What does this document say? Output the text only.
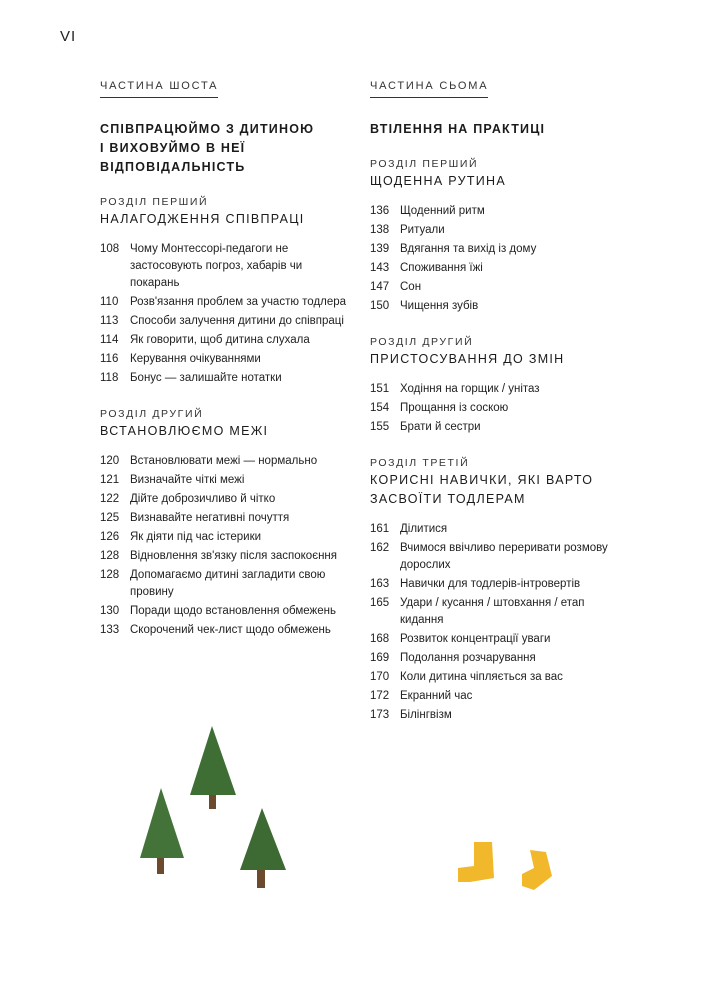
VI
ЧАСТИНА ШОСТА
СПІВПРАЦЮЙМО З ДИТИНОЮ
І ВИХОВУЙМО В НЕЇ
ВІДПОВІДАЛЬНІСТЬ
РОЗДІЛ ПЕРШИЙ
НАЛАГОДЖЕННЯ СПІВПРАЦІ
108 Чому Монтессорі-педагоги не застосовують погроз, хабарів чи покарань
110	Розв'язання проблем за участю тодлера
113	Способи залучення дитини до співпраці
114	Як говорити, щоб дитина слухала
116	Керування очікуваннями
118	Бонус — залишайте нотатки
РОЗДІЛ ДРУГИЙ
ВСТАНОВЛЮЄМО МЕЖІ
120 Встановлювати межі — нормально
121 Визначайте чіткі межі
122 Дійте доброзичливо й чітко
125 Визнавайте негативні почуття
126 Як діяти під час істерики
128 Відновлення зв'язку після заспокоєння
128 Допомагаємо дитині загладити свою провину
130 Поради щодо встановлення обмежень
133 Скорочений чек-лист щодо обмежень
ЧАСТИНА СЬОМА
ВТІЛЕННЯ НА ПРАКТИЦІ
РОЗДІЛ ПЕРШИЙ
ЩОДЕННА РУТИНА
136 Щоденний ритм
138 Ритуали
139 Вдягання та вихід із дому
143 Споживання їжі
147 Сон
150 Чищення зубів
РОЗДІЛ ДРУГИЙ
ПРИСТОСУВАННЯ ДО ЗМІН
151 Ходіння на горщик / унітаз
154 Прощання із соскою
155 Брати й сестри
РОЗДІЛ ТРЕТІЙ
КОРИСНІ НАВИЧКИ, ЯКІ ВАРТО
ЗАСВОЇТИ ТОДЛЕРАМ
161 Ділитися
162 Вчимося ввічливо переривати розмову дорослих
163 Навички для тодлерів-інтровертів
165 Удари / кусання / штовхання / етап кидання
168 Розвиток концентрації уваги
169 Подолання розчарування
170 Коли дитина чіпляється за вас
172 Екранний час
173 Білінгвізм
